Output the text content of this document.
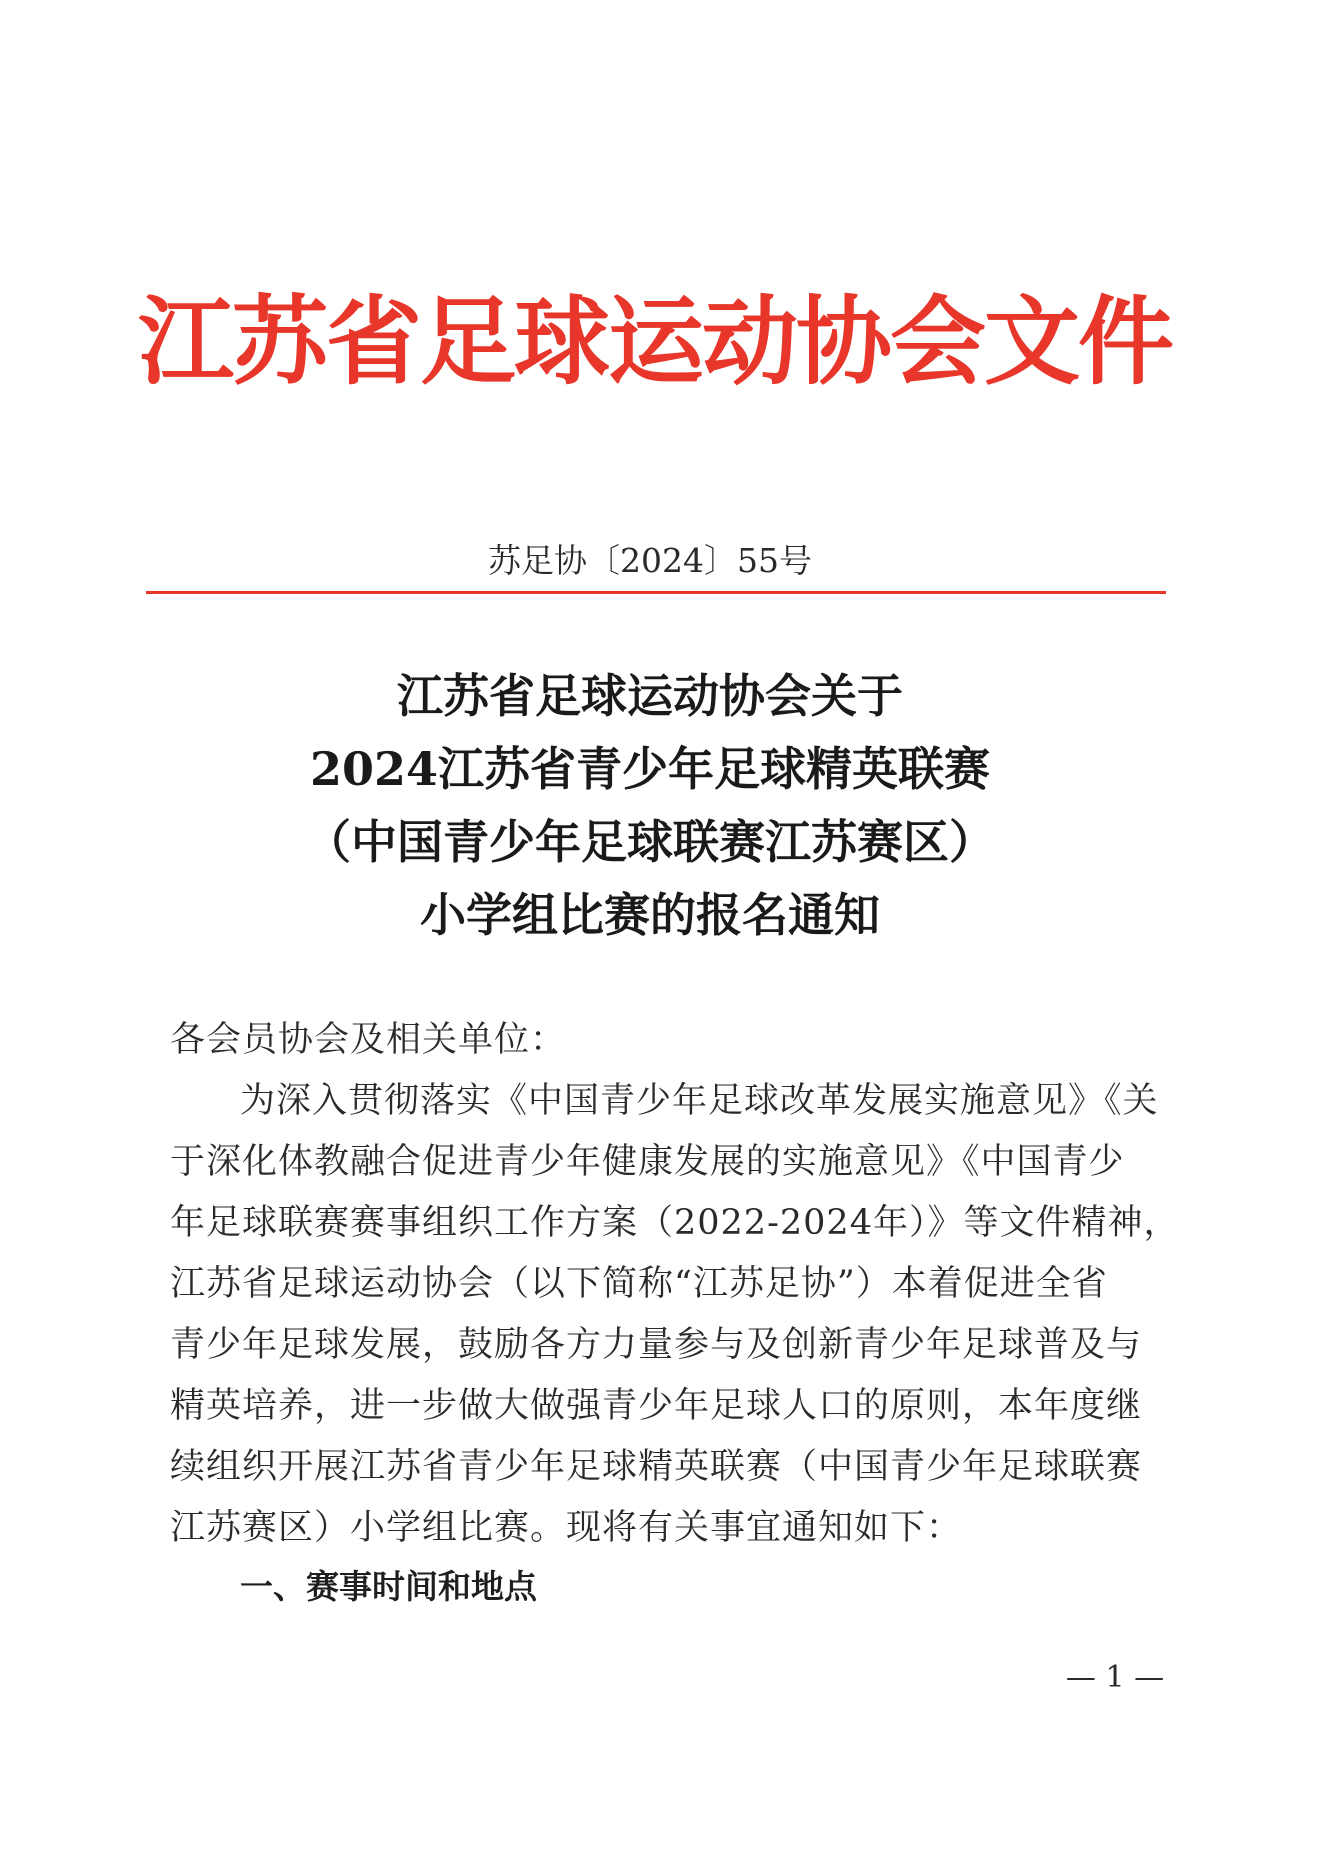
江苏省足球运动协会文件
苏足协〔2024〕55号
江苏省足球运动协会关于
2024江苏省青少年足球精英联赛
（中国青少年足球联赛江苏赛区）
小学组比赛的报名通知
各会员协会及相关单位：
为深入贯彻落实《中国青少年足球改革发展实施意见》《关
于深化体教融合促进青少年健康发展的实施意见》《中国青少
年足球联赛赛事组织工作方案（2022-2024年）》等文件精神，
江苏省足球运动协会（以下简称“江苏足协”）本着促进全省
青少年足球发展，鼓励各方力量参与及创新青少年足球普及与
精英培养，进一步做大做强青少年足球人口的原则，本年度继
续组织开展江苏省青少年足球精英联赛（中国青少年足球联赛
江苏赛区）小学组比赛。现将有关事宜通知如下：
一、赛事时间和地点
— 1 —
